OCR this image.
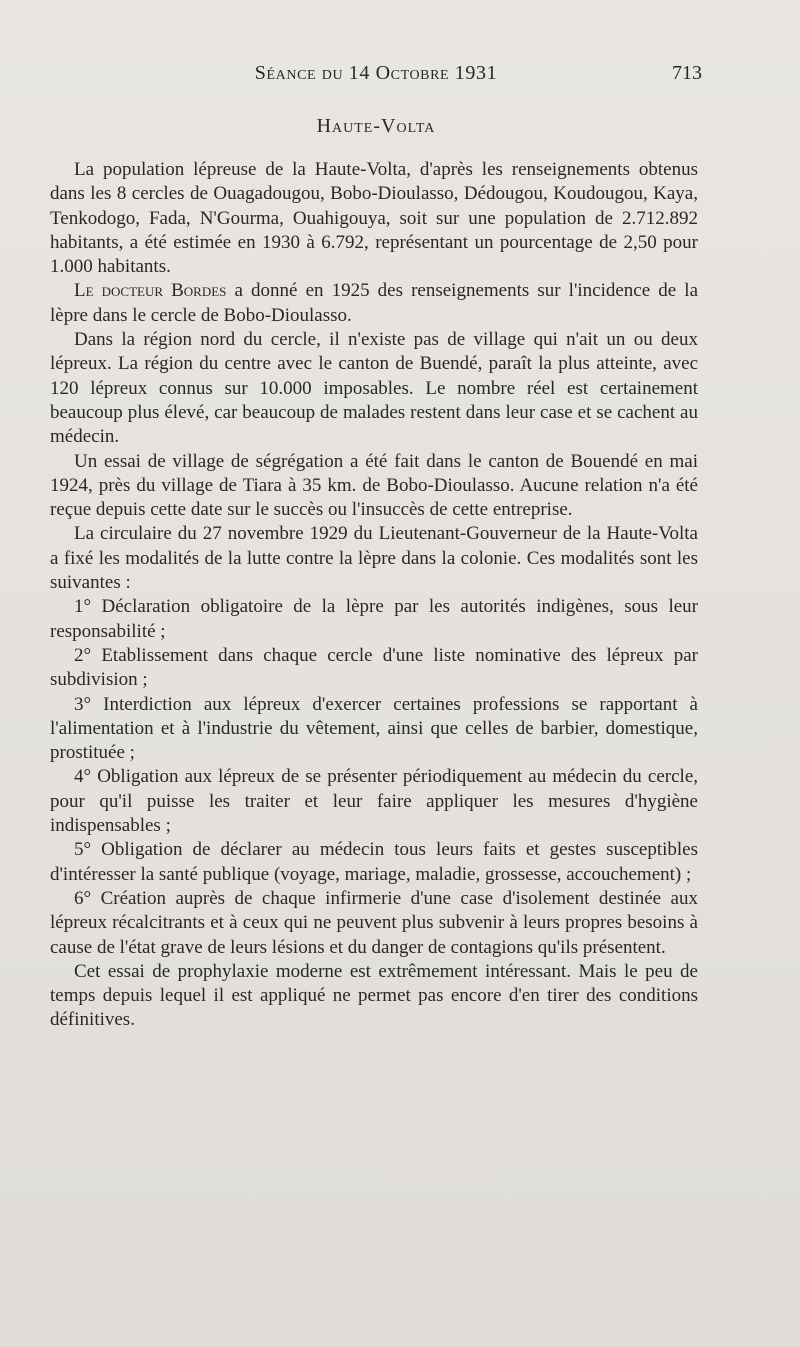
Séance du 14 Octobre 1931	713
Haute-Volta

La population lépreuse de la Haute-Volta, d'après les renseignements obtenus dans les 8 cercles de Ouagadougou, Bobo-Dioulasso, Dédougou, Koudougou, Kaya, Tenkodogo, Fada, N'Gourma, Ouahigouya, soit sur une population de 2.712.892 habitants, a été estimée en 1930 à 6.792, représentant un pourcentage de 2,50 pour 1.000 habitants.

Le docteur Bordes a donné en 1925 des renseignements sur l'incidence de la lèpre dans le cercle de Bobo-Dioulasso.

Dans la région nord du cercle, il n'existe pas de village qui n'ait un ou deux lépreux. La région du centre avec le canton de Buendé, paraît la plus atteinte, avec 120 lépreux connus sur 10.000 imposables. Le nombre réel est certainement beaucoup plus élevé, car beaucoup de malades restent dans leur case et se cachent au médecin.

Un essai de village de ségrégation a été fait dans le canton de Bouendé en mai 1924, près du village de Tiara à 35 km. de Bobo-Dioulasso. Aucune relation n'a été reçue depuis cette date sur le succès ou l'insuccès de cette entreprise.

La circulaire du 27 novembre 1929 du Lieutenant-Gouverneur de la Haute-Volta a fixé les modalités de la lutte contre la lèpre dans la colonie. Ces modalités sont les suivantes :

1° Déclaration obligatoire de la lèpre par les autorités indigènes, sous leur responsabilité ;

2° Etablissement dans chaque cercle d'une liste nominative des lépreux par subdivision ;

3° Interdiction aux lépreux d'exercer certaines professions se rapportant à l'alimentation et à l'industrie du vêtement, ainsi que celles de barbier, domestique, prostituée ;

4° Obligation aux lépreux de se présenter périodiquement au médecin du cercle, pour qu'il puisse les traiter et leur faire appliquer les mesures d'hygiène indispensables ;

5° Obligation de déclarer au médecin tous leurs faits et gestes susceptibles d'intéresser la santé publique (voyage, mariage, maladie, grossesse, accouchement) ;

6° Création auprès de chaque infirmerie d'une case d'isolement destinée aux lépreux récalcitrants et à ceux qui ne peuvent plus subvenir à leurs propres besoins à cause de l'état grave de leurs lésions et du danger de contagions qu'ils présentent.

Cet essai de prophylaxie moderne est extrêmement intéressant. Mais le peu de temps depuis lequel il est appliqué ne permet pas encore d'en tirer des conditions définitives.
